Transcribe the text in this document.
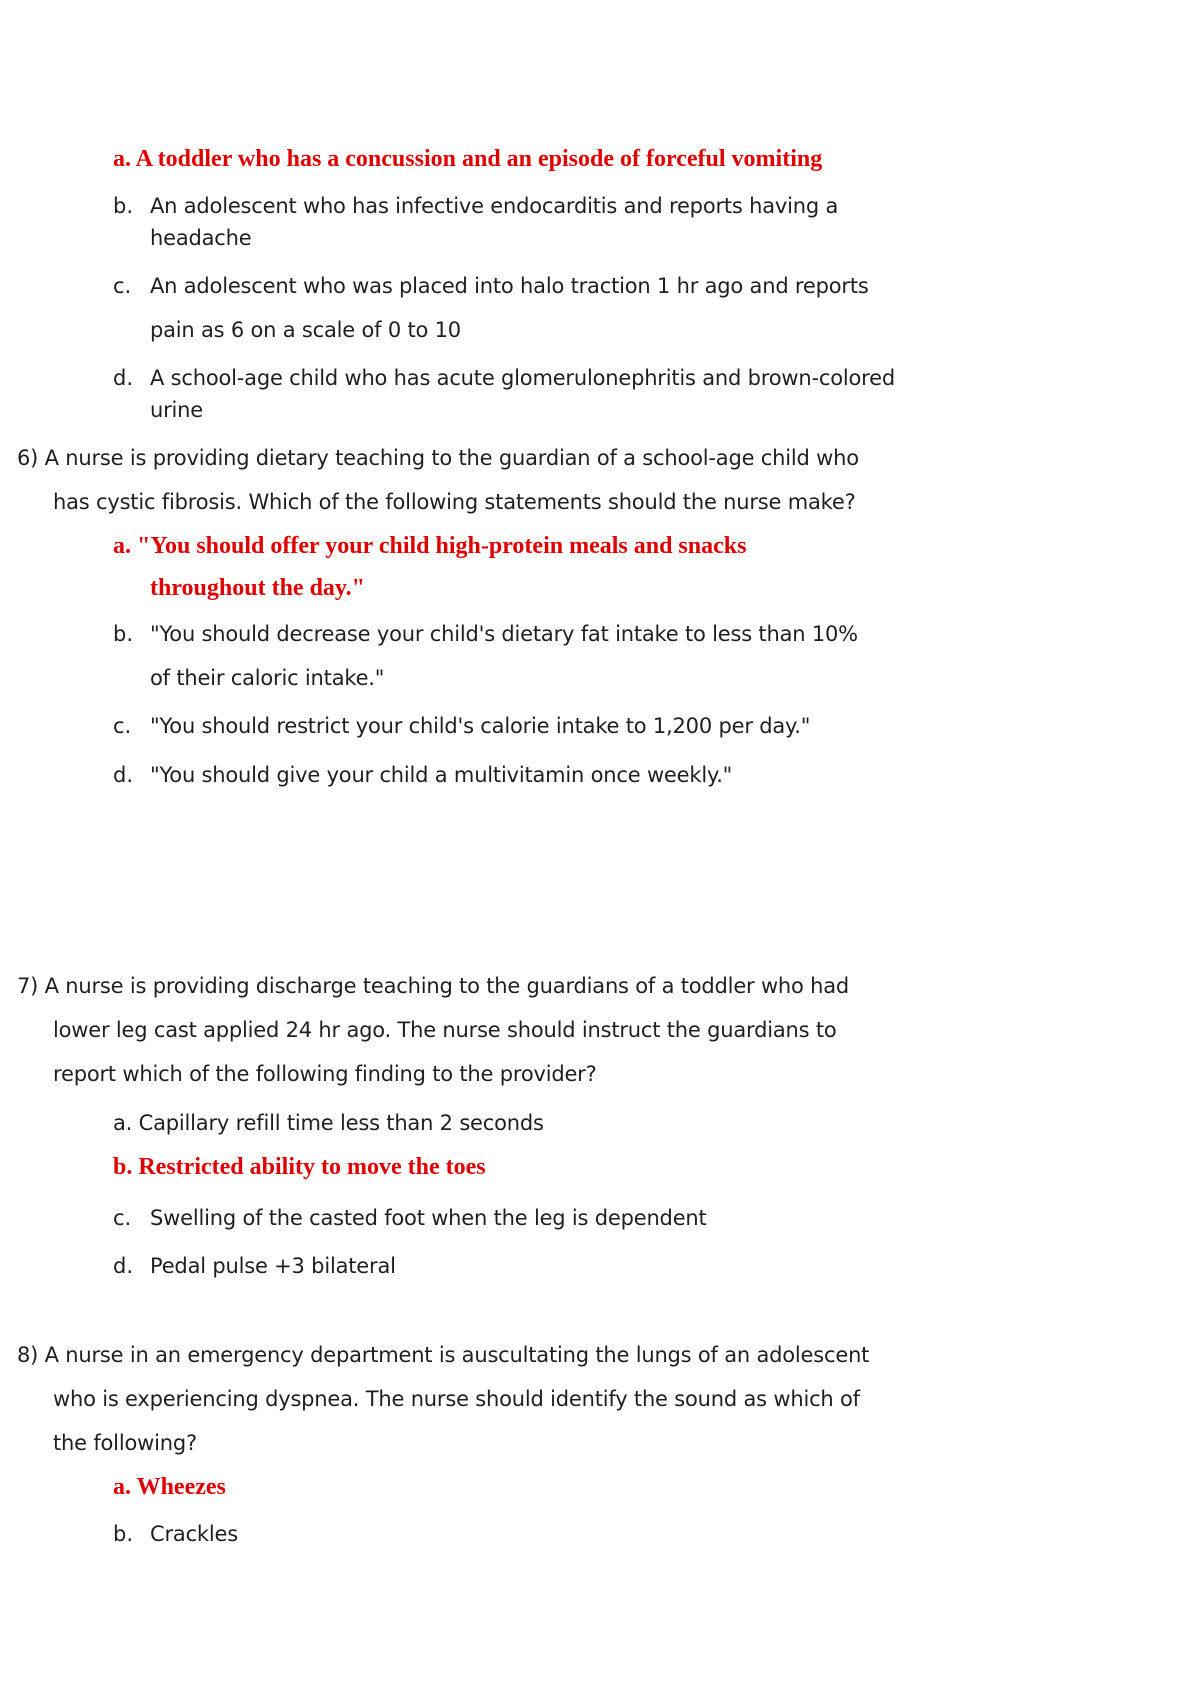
a. A toddler who has a concussion and an episode of forceful vomiting
b. An adolescent who has infective endocarditis and reports having a
headache
c. An adolescent who was placed into halo traction 1 hr ago and reports
pain as 6 on a scale of 0 to 10
d. A school-age child who has acute glomerulonephritis and brown-colored
urine
6) A nurse is providing dietary teaching to the guardian of a school-age child who
has cystic fibrosis. Which of the following statements should the nurse make?
a. "You should offer your child high-protein meals and snacks
throughout the day."
b. "You should decrease your child's dietary fat intake to less than 10%
of their caloric intake."
c. "You should restrict your child's calorie intake to 1,200 per day."
d. "You should give your child a multivitamin once weekly."
7) A nurse is providing discharge teaching to the guardians of a toddler who had
lower leg cast applied 24 hr ago. The nurse should instruct the guardians to
report which of the following finding to the provider?
a. Capillary refill time less than 2 seconds
b. Restricted ability to move the toes
c. Swelling of the casted foot when the leg is dependent
d. Pedal pulse +3 bilateral
8) A nurse in an emergency department is auscultating the lungs of an adolescent
who is experiencing dyspnea. The nurse should identify the sound as which of
the following?
a. Wheezes
b. Crackles
